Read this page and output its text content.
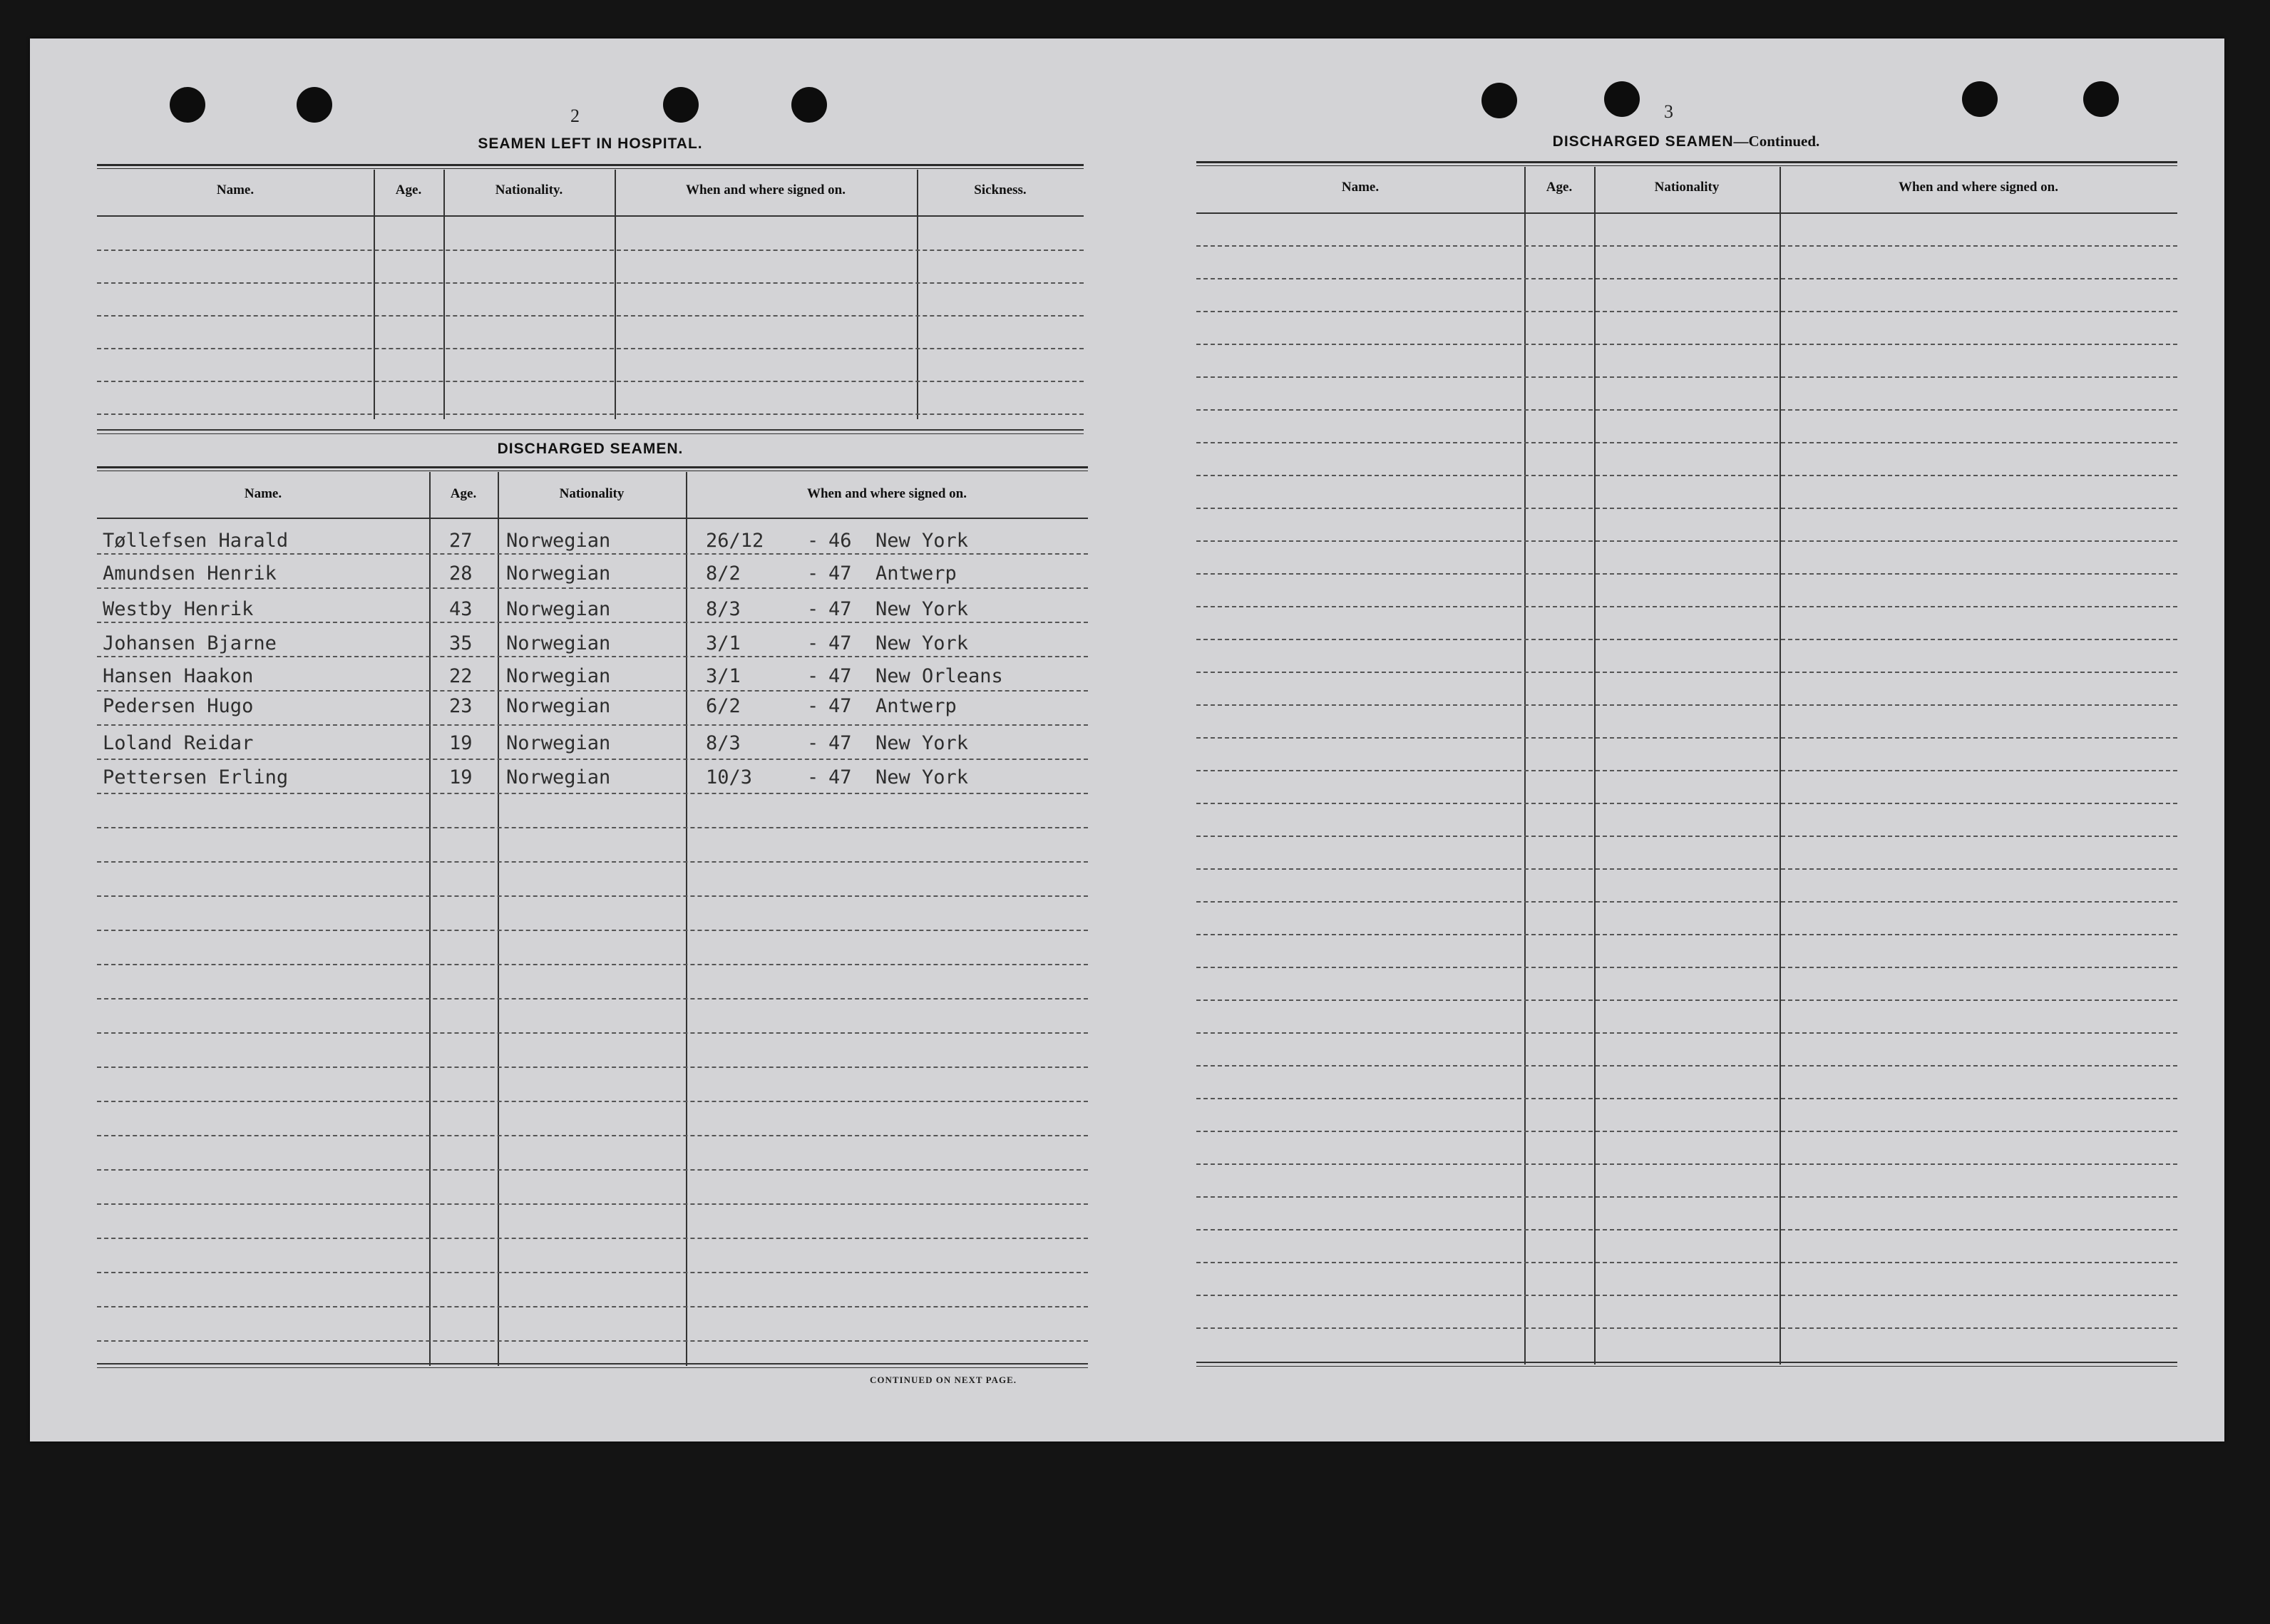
2
SEAMEN LEFT IN HOSPITAL.
Name.	Age.	Nationality.	When and where signed on.	Sickness.
DISCHARGED SEAMEN.
Name.	Age.	Nationality	When and where signed on.
Tøllefsen Harald	27 Norwegian	26/12 - 46 New York
Amundsen Henrik	28 Norwegian	8/2	- 47 Antwerp
Westby Henrik	43 Norwegian	8/3	- 47 New York
Johansen Bjarne	35 Norwegian	3/1	- 47 New York
Hansen Haakon	22 Norwegian	3/1	- 47 New Orleans
Pedersen Hugo	23 Norwegian	6/2	- 47 Antwerp
Loland Reidar	19 Norwegian	8/3	- 47 New York
Pettersen Erling	19 Norwegian	10/3	- 47 New York
CONTINUED ON NEXT PAGE.
3
DISCHARGED SEAMEN—Continued.
Name.	Age.	Nationality	When and where signed on.
